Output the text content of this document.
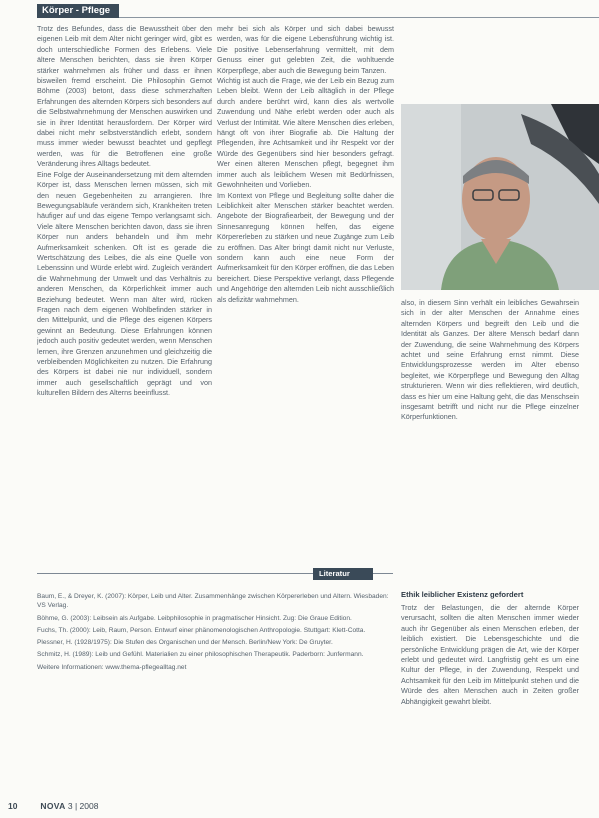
Körper - Pflege

Trotz des Befundes, dass die Bewusstheit über den eigenen Leib mit dem Alter nicht geringer wird, gibt es doch unterschiedliche Formen des Erlebens. Viele ältere Menschen berichten, dass sie ihren Körper stärker wahrnehmen als früher und dass er ihnen bisweilen fremd erscheint. Die Philosophin Gernot Böhme (2003) betont, dass diese schmerzhaften Erfahrungen des alternden Körpers sich besonders auf die Selbstwahrnehmung der Menschen auswirken und sie in ihrer Identität herausfordern. Der Körper wird dabei nicht mehr selbstverständlich erlebt, sondern muss immer wieder bewusst beachtet und gepflegt werden, was für die Betroffenen eine große Veränderung ihres Alltags bedeutet.

Eine Folge der Auseinandersetzung mit dem alternden Körper ist, dass Menschen lernen müssen, sich mit den neuen Gegebenheiten zu arrangieren. Ihre Bewegungsabläufe verändern sich, Krankheiten treten häufiger auf und das eigene Tempo verlangsamt sich. Viele ältere Menschen berichten davon, dass sie ihren Körper nun anders behandeln und ihm mehr Aufmerksamkeit schenken. Oft ist es gerade die Wertschätzung des Leibes, die als eine Quelle von Lebenssinn und Würde erlebt wird. Zugleich verändert die Wahrnehmung der Umwelt und das Verhältnis zu anderen Menschen, da Körperlichkeit immer auch Beziehung bedeutet. Wenn man älter wird, rücken Fragen nach dem eigenen Wohlbefinden stärker in den Mittelpunkt, und die Pflege des eigenen Körpers gewinnt an Bedeutung. Diese Erfahrungen können jedoch auch positiv gedeutet werden, wenn Menschen lernen, ihre Grenzen anzunehmen und gleichzeitig die verbleibenden Möglichkeiten zu nutzen. Die Erfahrung des Körpers ist dabei nie nur individuell, sondern immer auch gesellschaftlich geprägt und von kulturellen Bildern des Alterns beeinflusst.

mehr bei sich als Körper und sich dabei bewusst werden, was für die eigene Lebensführung wichtig ist. Die positive Lebenserfahrung vermittelt, mit dem Genuss einer gut gelebten Zeit, die wohltuende Körperpflege, aber auch die Bewegung beim Tanzen.

Wichtig ist auch die Frage, wie der Leib ein Bezug zum Leben bleibt. Wenn der Leib alltäglich in der Pflege durch andere berührt wird, kann dies als wertvolle Zuwendung und Nähe erlebt werden oder auch als Verlust der Intimität. Wie ältere Menschen dies erleben, hängt oft von ihrer Biografie ab. Die Haltung der Pflegenden, ihre Achtsamkeit und ihr Respekt vor der Würde des Gegenübers sind hier besonders gefragt. Wer einen älteren Menschen pflegt, begegnet ihm immer auch als leiblichem Wesen mit Bedürfnissen, Gewohnheiten und Vorlieben.

Im Kontext von Pflege und Begleitung sollte daher die Leiblichkeit alter Menschen stärker beachtet werden. Angebote der Biografiearbeit, der Bewegung und der Sinnesanregung können helfen, das eigene Körpererleben zu stärken und neue Zugänge zum Leib zu eröffnen. Das Alter bringt damit nicht nur Verluste, sondern kann auch eine neue Form der Aufmerksamkeit für den Körper eröffnen, die das Leben bereichert. Diese Perspektive verlangt, dass Pflegende und Angehörige den alternden Leib nicht ausschließlich als defizitär wahrnehmen.	also, in diesem Sinn verhält ein leibliches Gewahrsein sich in der alter Menschen der Annahme eines alternden Körpers und begreift den Leib und die Identität als Ganzes. Der ältere Mensch bedarf dann der Zuwendung, die seine Wahrnehmung des Körpers achtet und seine Erfahrung ernst nimmt. Diese Entwicklungsprozesse werden im Alter ebenso begleitet, wie Körperpflege und Bewegung den Alltag strukturieren. Wenn wir dies reflektieren, wird deutlich, dass es hier um eine Haltung geht, die das Menschsein insgesamt betrifft und nicht nur die Pflege einzelner Körperfunktionen.

Ethik leiblicher Existenz gefordert

Trotz der Belastungen, die der alternde Körper verursacht, sollten die alten Menschen immer wieder auch ihr Gegenüber als einen Menschen erleben, der leiblich existiert. Die Lebensgeschichte und die persönliche Entwicklung prägen die Art, wie der Körper erlebt und gedeutet wird. Langfristig geht es um eine Kultur der Pflege, in der Zuwendung, Respekt und Achtsamkeit für den Leib im Mittelpunkt stehen und die Würde des alten Menschen auch in Zeiten großer Abhängigkeit gewahrt bleibt.

Literatur
Baum, E., & Dreyer, K. (2007): Körper, Leib und Alter. Zusammenhänge zwischen Körpererleben und Altern. Wiesbaden: VS Verlag.
Böhme, G. (2003): Leibsein als Aufgabe. Leibphilosophie in pragmatischer Hinsicht. Zug: Die Graue Edition.
Fuchs, Th. (2000): Leib, Raum, Person. Entwurf einer phänomenologischen Anthropologie. Stuttgart: Klett-Cotta.
Plessner, H. (1928/1975): Die Stufen des Organischen und der Mensch. Berlin/New York: De Gruyter.
Schmitz, H. (1989): Leib und Gefühl. Materialien zu einer philosophischen Therapeutik. Paderborn: Junfermann.
Weitere Informationen: www.thema-pflegealltag.net
10	NOVA 3 | 2008
